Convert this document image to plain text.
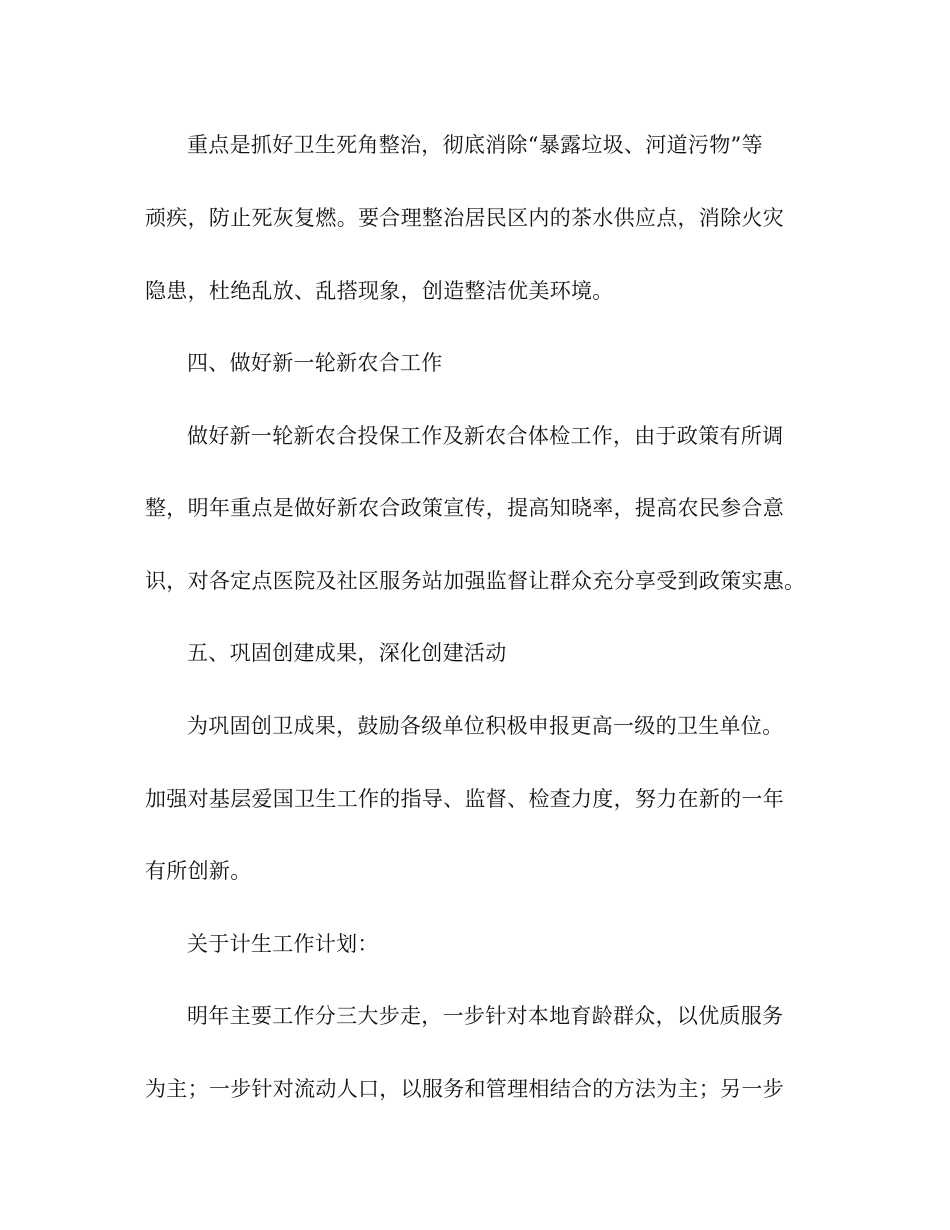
重点是抓好卫生死角整治，彻底消除“暴露垃圾、河道污物”等
顽疾，防止死灰复燃。要合理整治居民区内的茶水供应点，消除火灾
隐患，杜绝乱放、乱搭现象，创造整洁优美环境。
四、做好新一轮新农合工作
做好新一轮新农合投保工作及新农合体检工作，由于政策有所调
整，明年重点是做好新农合政策宣传，提高知晓率，提高农民参合意
识，对各定点医院及社区服务站加强监督让群众充分享受到政策实惠。
五、巩固创建成果，深化创建活动
为巩固创卫成果，鼓励各级单位积极申报更高一级的卫生单位。
加强对基层爱国卫生工作的指导、监督、检查力度，努力在新的一年
有所创新。
关于计生工作计划：
明年主要工作分三大步走，一步针对本地育龄群众，以优质服务
为主；一步针对流动人口，以服务和管理相结合的方法为主；另一步
